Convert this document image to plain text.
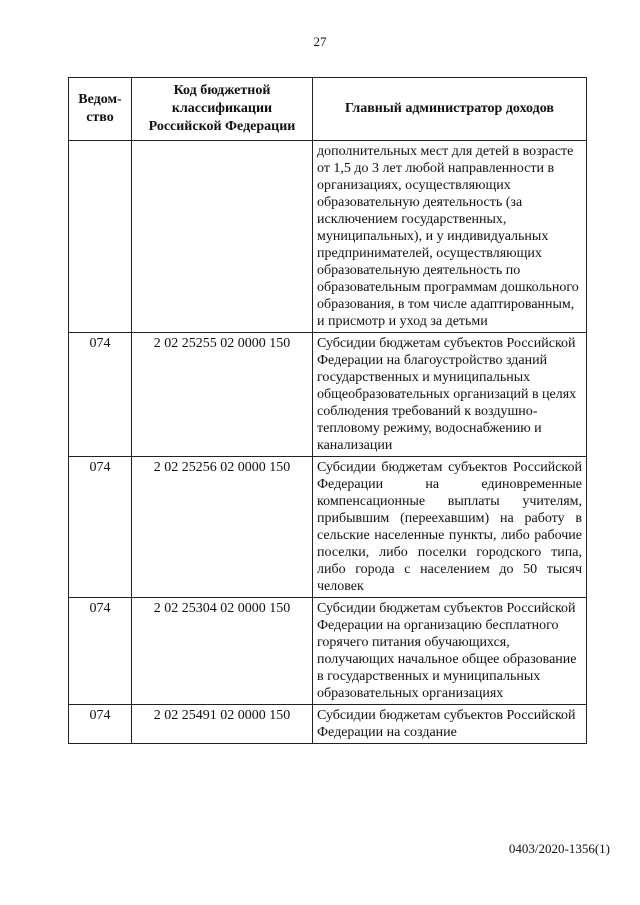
27
Ведом-ство	Код бюджетной классификации Российской Федерации	Главный администратор доходов
		дополнительных мест для детей в возрасте от 1,5 до 3 лет любой направленности в организациях, осуществляющих образовательную деятельность (за исключением государственных, муниципальных), и у индивидуальных предпринимателей, осуществляющих образовательную деятельность по образовательным программам дошкольного образования, в том числе адаптированным, и присмотр и уход за детьми
074	2 02 25255 02 0000 150	Субсидии бюджетам субъектов Российской Федерации на благоустройство зданий государственных и муниципальных общеобразовательных организаций в целях соблюдения требований к воздушно-тепловому режиму, водоснабжению и канализации
074	2 02 25256 02 0000 150	Субсидии бюджетам субъектов Российской Федерации на единовременные компенсационные выплаты учителям, прибывшим (переехавшим) на работу в сельские населенные пункты, либо рабочие поселки, либо поселки городского типа, либо города с населением до 50 тысяч человек
074	2 02 25304 02 0000 150	Субсидии бюджетам субъектов Российской Федерации на организацию бесплатного горячего питания обучающихся, получающих начальное общее образование в государственных и муниципальных образовательных организациях
074	2 02 25491 02 0000 150	Субсидии бюджетам субъектов Российской Федерации на создание
0403/2020-1356(1)
